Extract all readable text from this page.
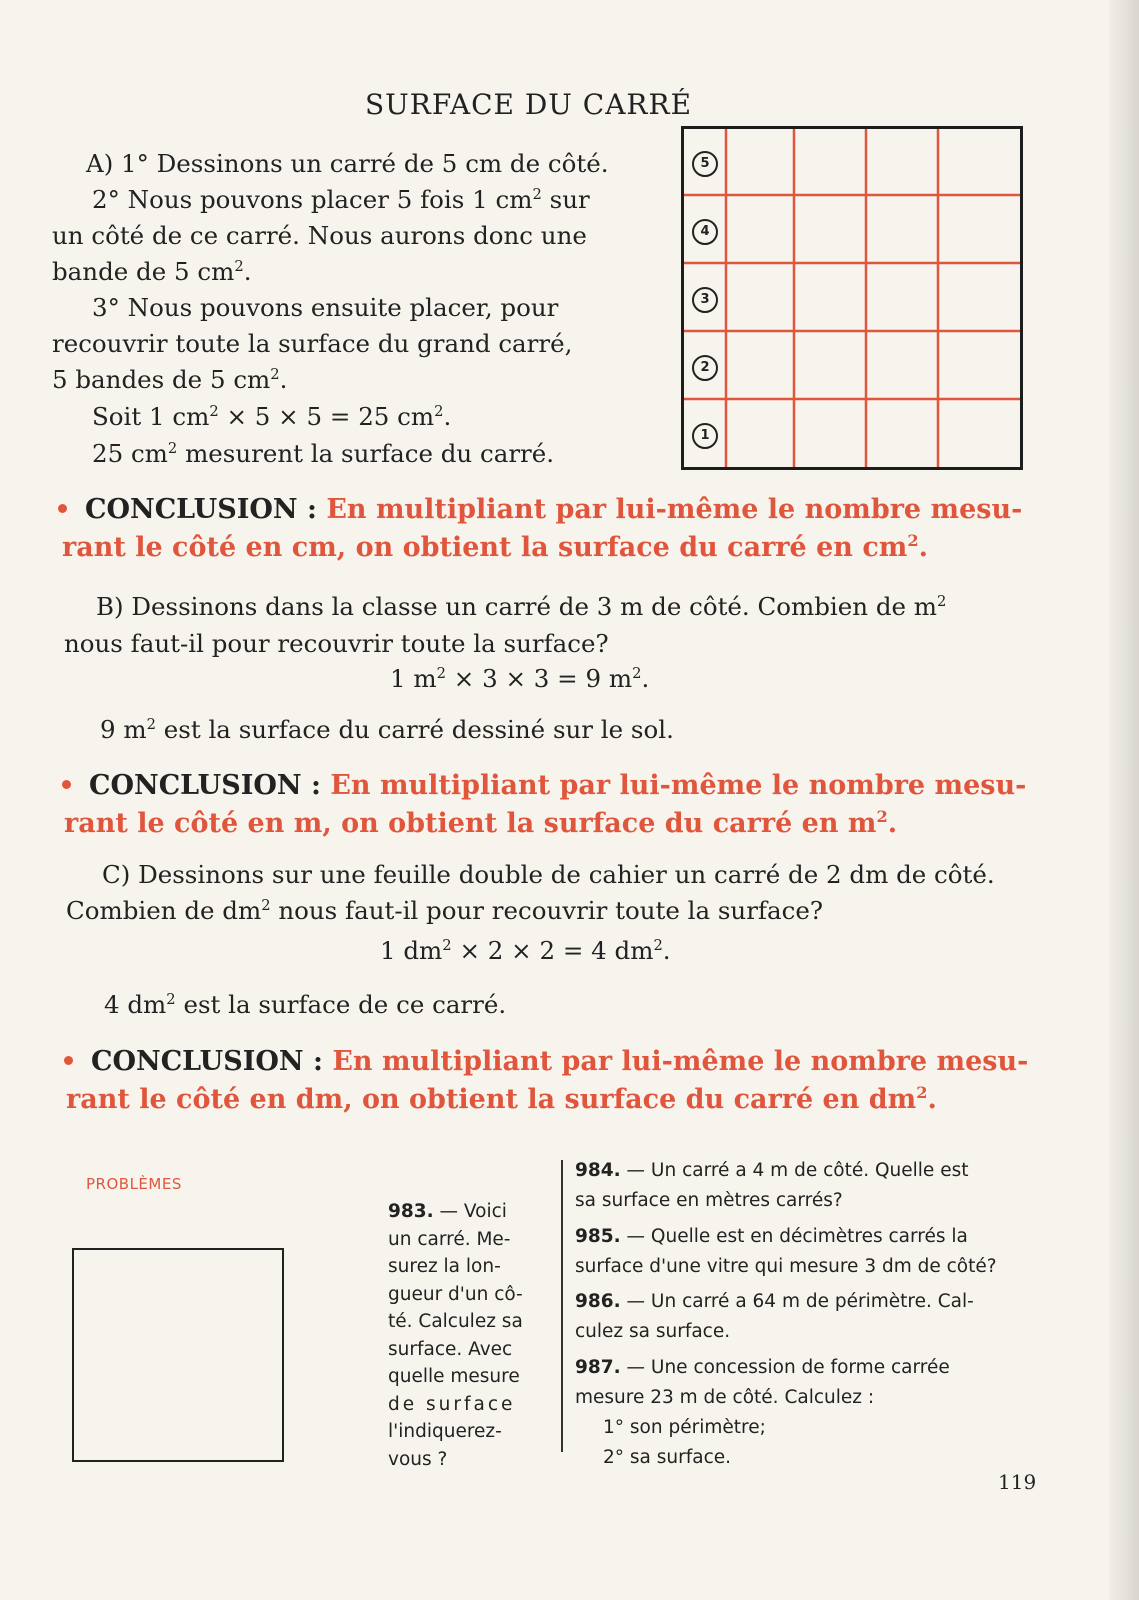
SURFACE DU CARRÉ
A) 1° Dessinons un carré de 5 cm de côté.
2° Nous pouvons placer 5 fois 1 $cm^2$ sur
un côté de ce carré. Nous aurons donc une
bande de 5 $cm^2$.
3° Nous pouvons ensuite placer, pour
recouvrir toute la surface du grand carré,
5 bandes de 5 $cm^2$.
Soit 1 $cm^2 \times 5 \times 5 = 25$ $cm^2$.
25 $cm^2$ mesurent la surface du carré.
5
4
3
2
1
CONCLUSION : En multipliant par lui-même le nombre mesu-
rant le côté en cm, on obtient la surface du carré en $cm^2$.
B) Dessinons dans la classe un carré de 3 m de côté. Combien de $m^2$
nous faut-il pour recouvrir toute la surface?
1 $m^2 \times 3 \times 3 = 9$ $m^2$.
9 $m^2$ est la surface du carré dessiné sur le sol.
CONCLUSION : En multipliant par lui-même le nombre mesu-
rant le côté en m, on obtient la surface du carré en $m^2$.
C) Dessinons sur une feuille double de cahier un carré de 2 dm de côté.
Combien de $dm^2$ nous faut-il pour recouvrir toute la surface?
1 $dm^2 \times 2 \times 2 = 4$ $dm^2$.
4 $dm^2$ est la surface de ce carré.
CONCLUSION : En multipliant par lui-même le nombre mesu-
rant le côté en dm, on obtient la surface du carré en $dm^2$.
PROBLÈMES
983. — Voici
un carré. Me-
surez la lon-
gueur d'un cô-
té. Calculez sa
surface. Avec
quelle mesure
de surface
l'indiquerez-
vous ?
984. — Un carré a 4 m de côté. Quelle est
sa surface en mètres carrés?
985. — Quelle est en décimètres carrés la
surface d'une vitre qui mesure 3 dm de côté?
986. — Un carré a 64 m de périmètre. Cal-
culez sa surface.
987. — Une concession de forme carrée
mesure 23 m de côté. Calculez :
1° son périmètre;
2° sa surface.
119
